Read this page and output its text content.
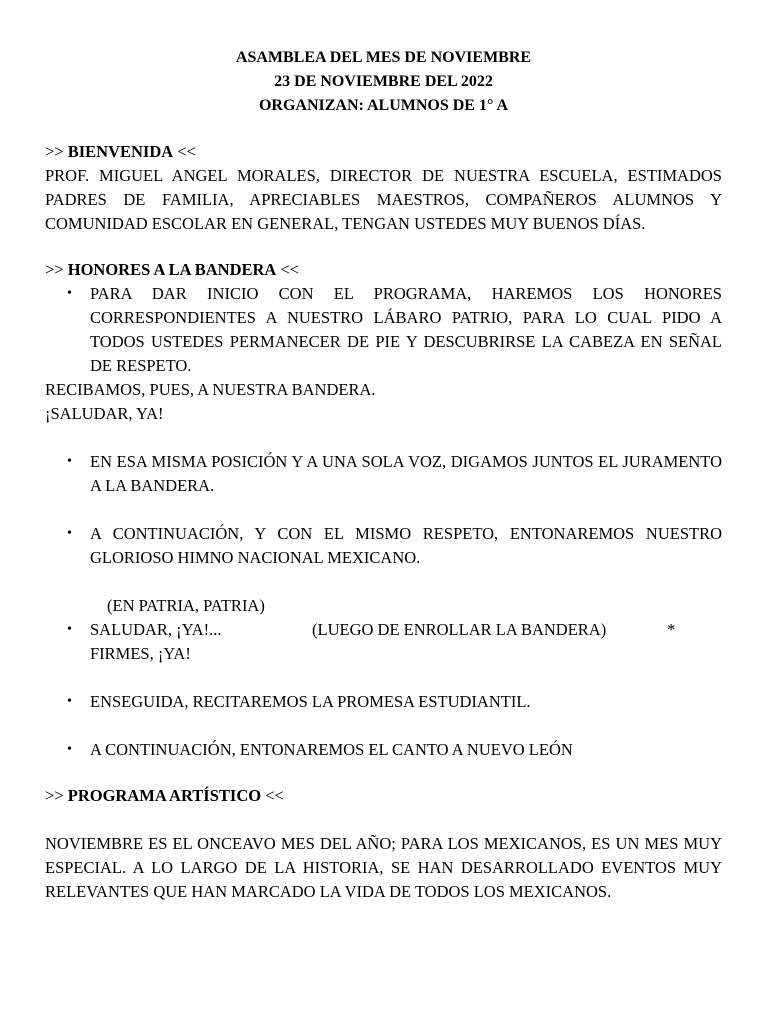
ASAMBLEA DEL MES DE NOVIEMBRE
23 DE NOVIEMBRE DEL 2022
ORGANIZAN: ALUMNOS DE 1° A
>> BIENVENIDA <<
PROF. MIGUEL ANGEL MORALES, DIRECTOR DE NUESTRA ESCUELA, ESTIMADOS PADRES DE FAMILIA, APRECIABLES MAESTROS, COMPAÑEROS ALUMNOS Y COMUNIDAD ESCOLAR EN GENERAL, TENGAN USTEDES MUY BUENOS DÍAS.
>> HONORES A LA BANDERA <<
• PARA DAR INICIO CON EL PROGRAMA, HAREMOS LOS HONORES CORRESPONDIENTES A NUESTRO LÁBARO PATRIO, PARA LO CUAL PIDO A TODOS USTEDES PERMANECER DE PIE Y DESCUBRIRSE LA CABEZA EN SEÑAL DE RESPETO.
RECIBAMOS, PUES, A NUESTRA BANDERA.
¡SALUDAR, YA!
• EN ESA MISMA POSICIÓN Y A UNA SOLA VOZ, DIGAMOS JUNTOS EL JURAMENTO A LA BANDERA.
• A CONTINUACIÓN, Y CON EL MISMO RESPETO, ENTONAREMOS NUESTRO GLORIOSO HIMNO NACIONAL MEXICANO.
(EN PATRIA, PATRIA)
• SALUDAR, ¡YA!...	(LUEGO DE ENROLLAR LA BANDERA)	*
FIRMES, ¡YA!
• ENSEGUIDA, RECITAREMOS LA PROMESA ESTUDIANTIL.
• A CONTINUACIÓN, ENTONAREMOS EL CANTO A NUEVO LEÓN
>> PROGRAMA ARTÍSTICO <<
NOVIEMBRE ES EL ONCEAVO MES DEL AÑO; PARA LOS MEXICANOS, ES UN MES MUY ESPECIAL. A LO LARGO DE LA HISTORIA, SE HAN DESARROLLADO EVENTOS MUY RELEVANTES QUE HAN MARCADO LA VIDA DE TODOS LOS MEXICANOS.
